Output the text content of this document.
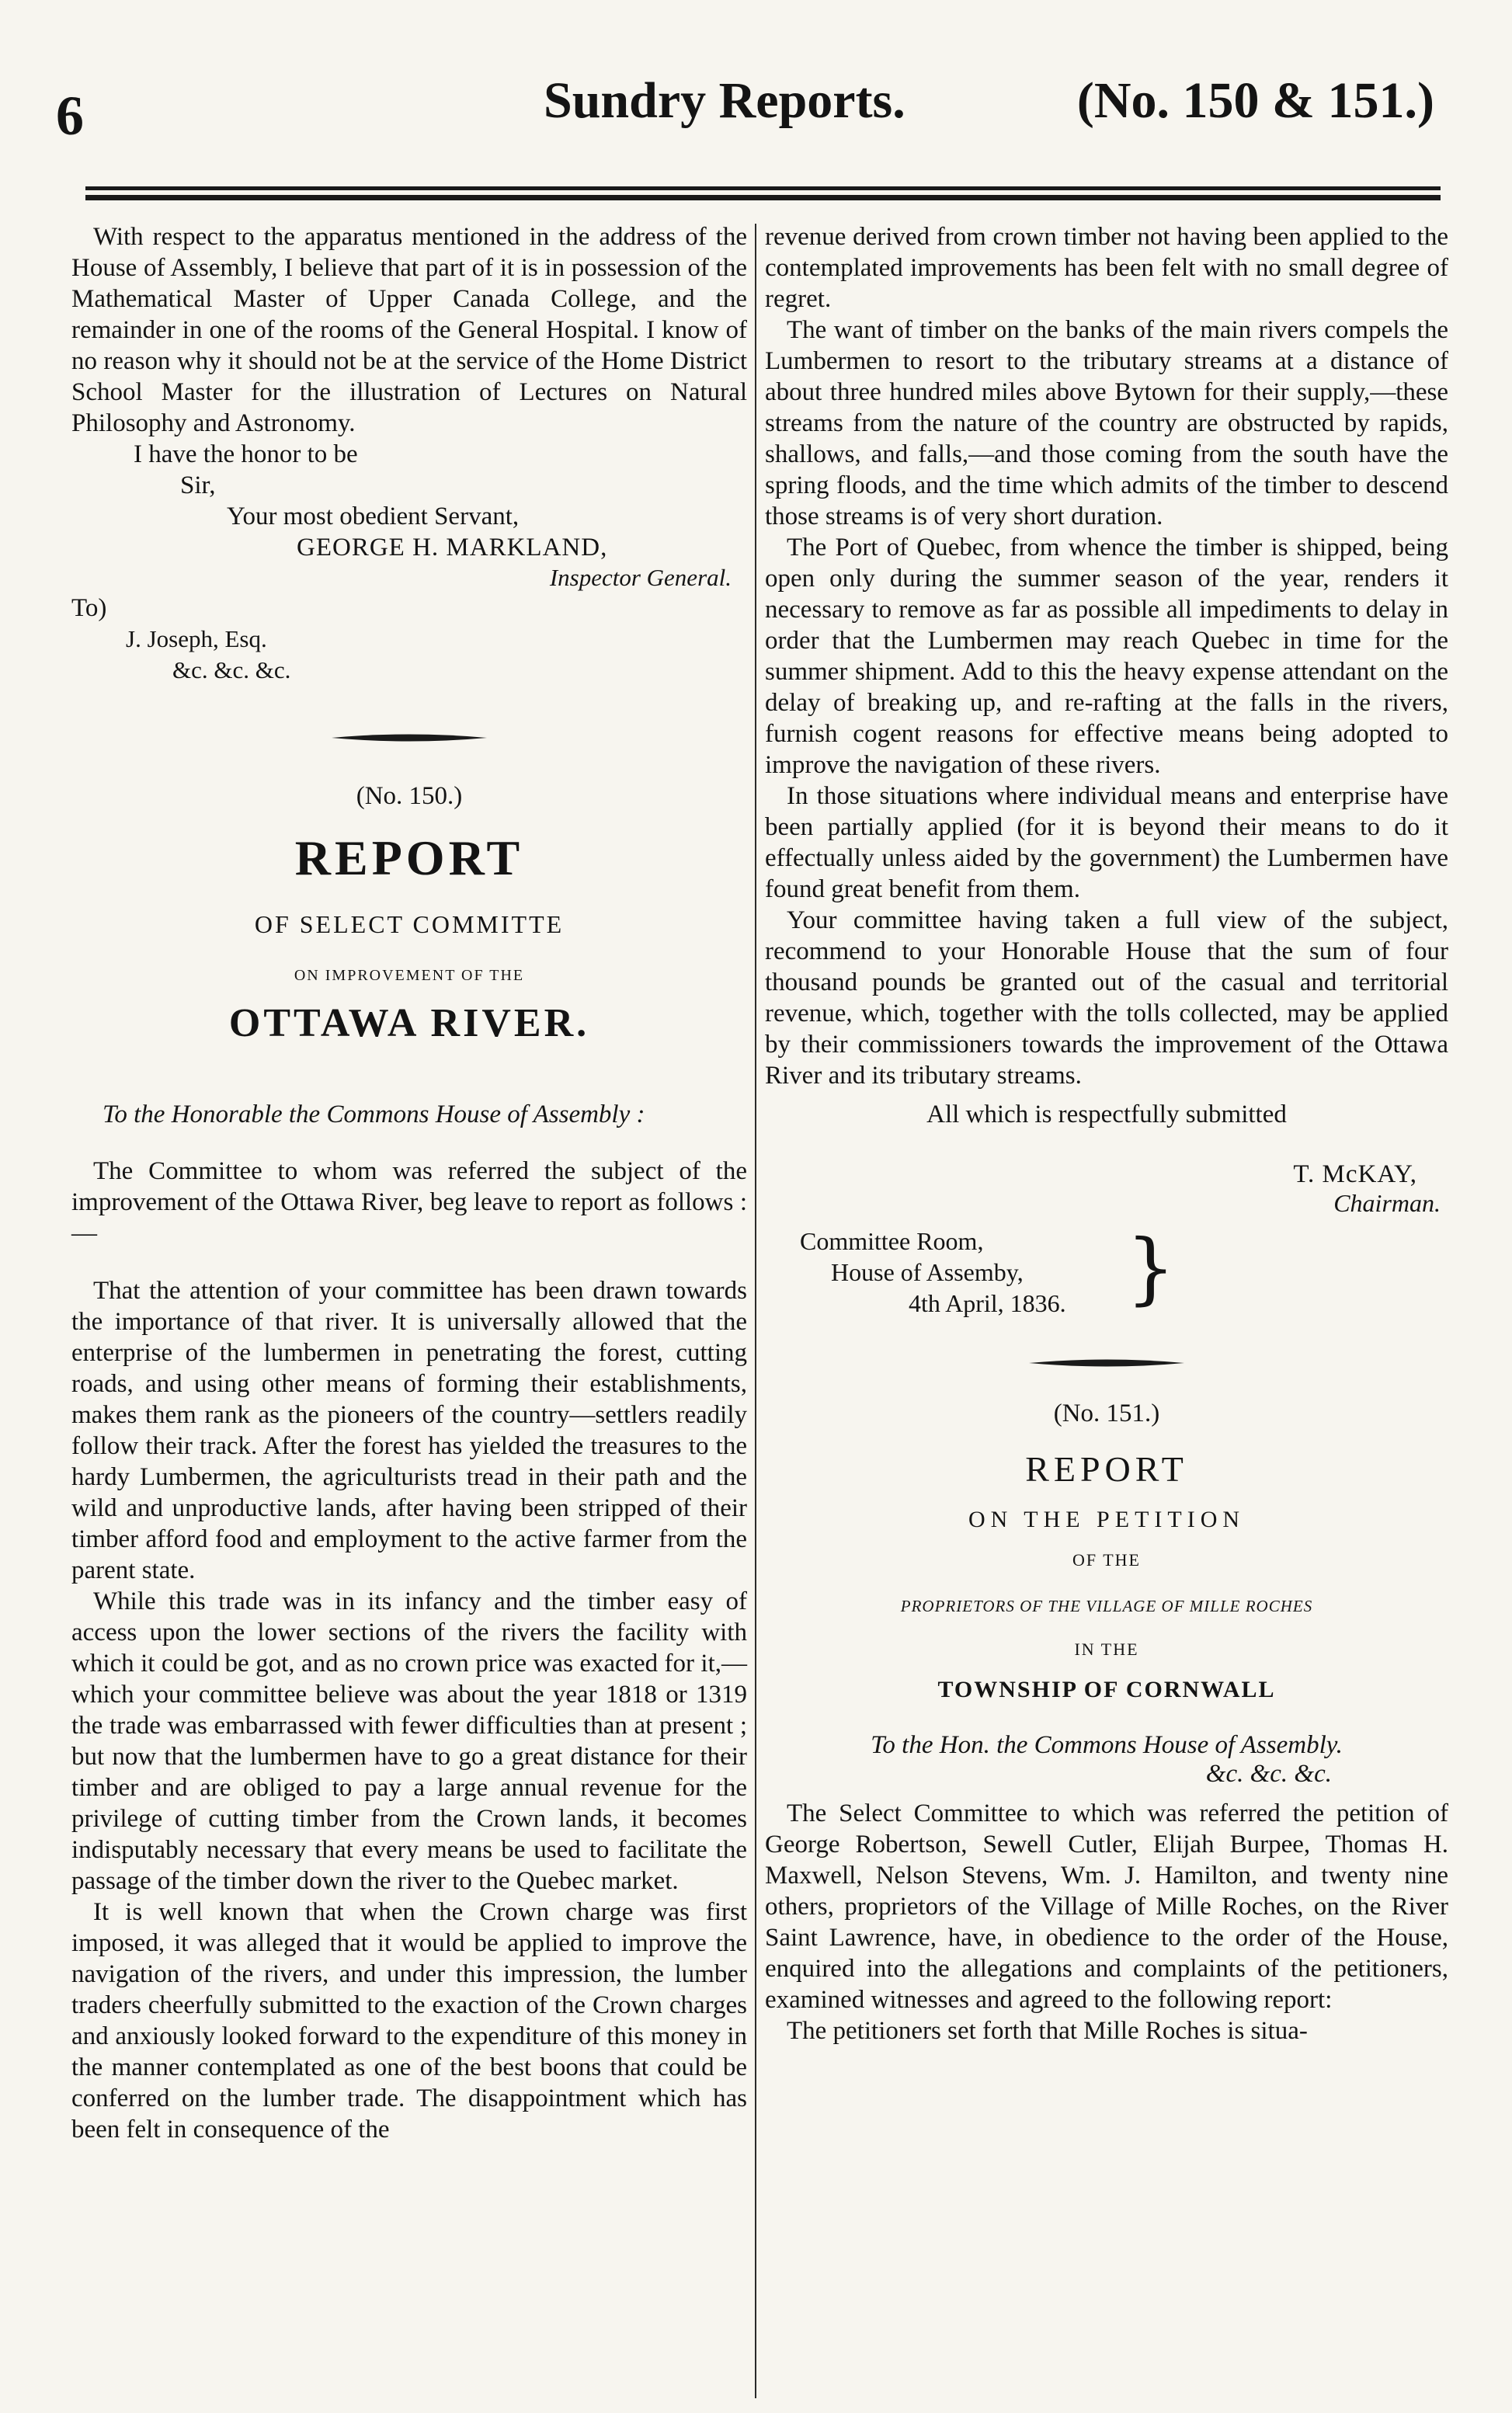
6	Sundry Reports.	(No. 150 & 151.)

With respect to the apparatus mentioned in the address of the House of Assembly, I believe that part of it is in possession of the Mathematical Master of Upper Canada College, and the remainder in one of the rooms of the General Hospital. I know of no reason why it should not be at the service of the Home District School Master for the illustration of Lectures on Natural Philosophy and Astronomy.

I have the honor to be
Sir,
Your most obedient Servant,
GEORGE H. MARKLAND,
Inspector General.
To)
J. Joseph, Esq.
&c. &c. &c.
(No. 150.)
REPORT
OF SELECT COMMITTE
ON IMPROVEMENT OF THE
OTTAWA RIVER.
To the Honorable the Commons House of Assembly :

The Committee to whom was referred the subject of the improvement of the Ottawa River, beg leave to report as follows :—

That the attention of your committee has been drawn towards the importance of that river. It is universally allowed that the enterprise of the lumbermen in penetrating the forest, cutting roads, and using other means of forming their establishments, makes them rank as the pioneers of the country—settlers readily follow their track. After the forest has yielded the treasures to the hardy Lumbermen, the agriculturists tread in their path and the wild and unproductive lands, after having been stripped of their timber afford food and employment to the active farmer from the parent state.

While this trade was in its infancy and the timber easy of access upon the lower sections of the rivers the facility with which it could be got, and as no crown price was exacted for it,—which your committee believe was about the year 1818 or 1319 the trade was embarrassed with fewer difficulties than at present ; but now that the lumbermen have to go a great distance for their timber and are obliged to pay a large annual revenue for the privilege of cutting timber from the Crown lands, it becomes indisputably necessary that every means be used to facilitate the passage of the timber down the river to the Quebec market.

It is well known that when the Crown charge was first imposed, it was alleged that it would be applied to improve the navigation of the rivers, and under this impression, the lumber traders cheerfully submitted to the exaction of the Crown charges and anxiously looked forward to the expenditure of this money in the manner contemplated as one of the best boons that could be conferred on the lumber trade. The disappointment which has been felt in consequence of the

revenue derived from crown timber not having been applied to the contemplated improvements has been felt with no small degree of regret.

The want of timber on the banks of the main rivers compels the Lumbermen to resort to the tributary streams at a distance of about three hundred miles above Bytown for their supply,—these streams from the nature of the country are obstructed by rapids, shallows, and falls,—and those coming from the south have the spring floods, and the time which admits of the timber to descend those streams is of very short duration.

The Port of Quebec, from whence the timber is shipped, being open only during the summer season of the year, renders it necessary to remove as far as possible all impediments to delay in order that the Lumbermen may reach Quebec in time for the summer shipment. Add to this the heavy expense attendant on the delay of breaking up, and re-rafting at the falls in the rivers, furnish cogent reasons for effective means being adopted to improve the navigation of these rivers.

In those situations where individual means and enterprise have been partially applied (for it is beyond their means to do it effectually unless aided by the government) the Lumbermen have found great benefit from them.

Your committee having taken a full view of the subject, recommend to your Honorable House that the sum of four thousand pounds be granted out of the casual and territorial revenue, which, together with the tolls collected, may be applied by their commissioners towards the improvement of the Ottawa River and its tributary streams.

All which is respectfully submitted
T. McKAY,
Chairman.
Committee Room,
House of Assemby,
4th April, 1836. }
(No. 151.)
REPORT
ON THE PETITION
OF THE
PROPRIETORS OF THE VILLAGE OF MILLE ROCHES
IN THE
TOWNSHIP OF CORNWALL
To the Hon. the Commons House of Assembly.
&c. &c. &c.

The Select Committee to which was referred the petition of George Robertson, Sewell Cutler, Elijah Burpee, Thomas H. Maxwell, Nelson Stevens, Wm. J. Hamilton, and twenty nine others, proprietors of the Village of Mille Roches, on the River Saint Lawrence, have, in obedience to the order of the House, enquired into the allegations and complaints of the petitioners, examined witnesses and agreed to the following report:

The petitioners set forth that Mille Roches is situa-
